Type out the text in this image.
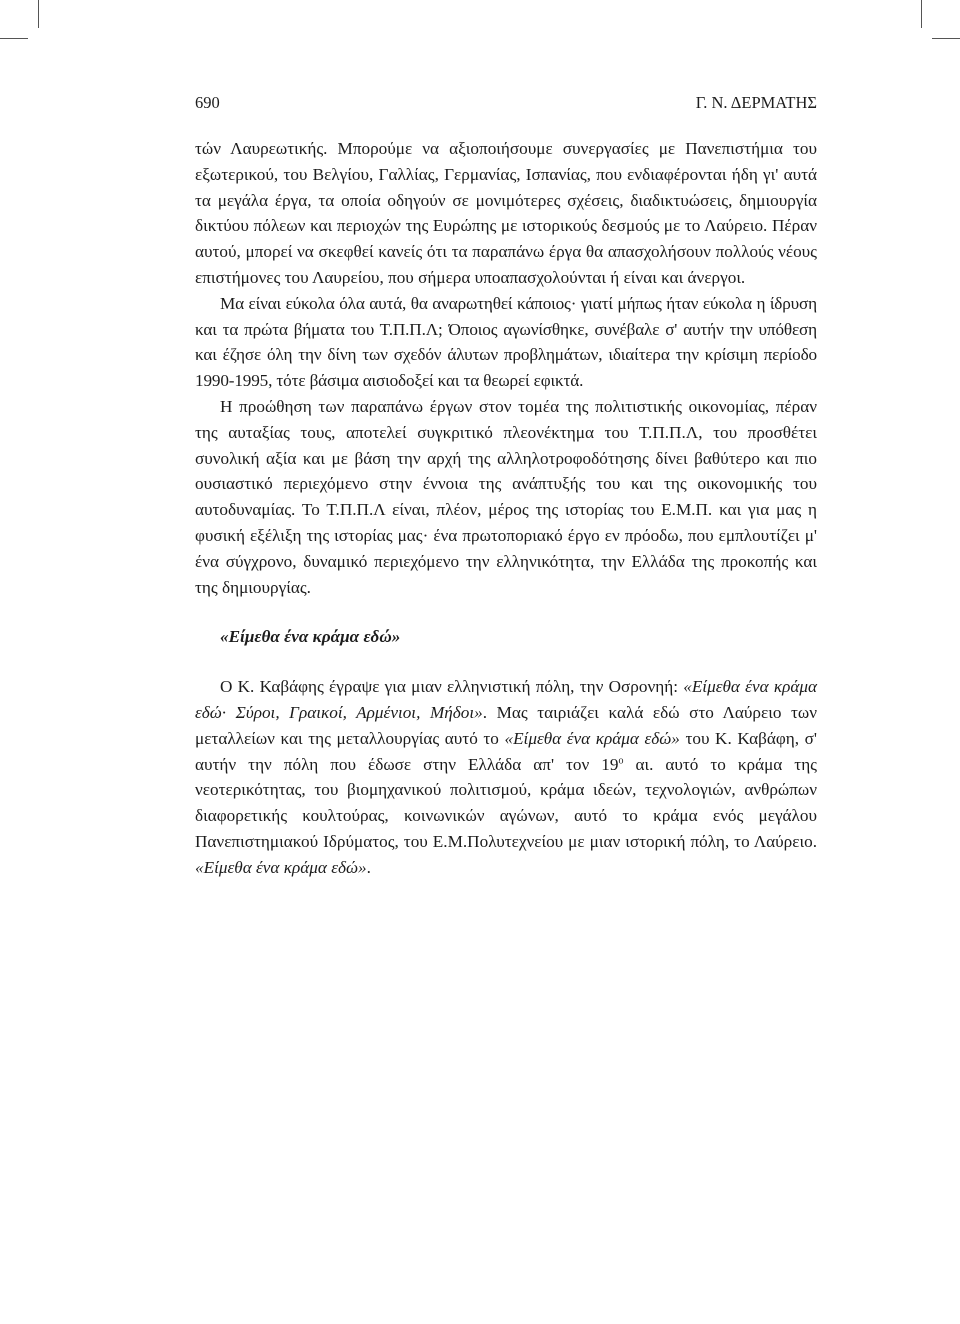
690	Γ. Ν. ΔΕΡΜΑΤΗΣ

τών Λαυρεωτικής. Μπορούμε να αξιοποιήσουμε συνεργασίες με Πανεπιστήμια του εξωτερικού, του Βελγίου, Γαλλίας, Γερμανίας, Ισπανίας, που ενδιαφέρονται ήδη γι' αυτά τα μεγάλα έργα, τα οποία οδηγούν σε μονιμότερες σχέσεις, διαδικτυώσεις, δημιουργία δικτύου πόλεων και περιοχών της Ευρώπης με ιστορικούς δεσμούς με το Λαύρειο. Πέραν αυτού, μπορεί να σκεφθεί κανείς ότι τα παραπάνω έργα θα απασχολήσουν πολλούς νέους επιστήμονες του Λαυρείου, που σήμερα υποαπασχολούνται ή είναι και άνεργοι.

Μα είναι εύκολα όλα αυτά, θα αναρωτηθεί κάποιος· γιατί μήπως ήταν εύκολα η ίδρυση και τα πρώτα βήματα του Τ.Π.Π.Λ; Όποιος αγωνίσθηκε, συνέβαλε σ' αυτήν την υπόθεση και έζησε όλη την δίνη των σχεδόν άλυτων προβλημάτων, ιδιαίτερα την κρίσιμη περίοδο 1990-1995, τότε βάσιμα αισιοδοξεί και τα θεωρεί εφικτά.

Η προώθηση των παραπάνω έργων στον τομέα της πολιτιστικής οικονομίας, πέραν της αυταξίας τους, αποτελεί συγκριτικό πλεονέκτημα του Τ.Π.Π.Λ, του προσθέτει συνολική αξία και με βάση την αρχή της αλληλοτροφοδότησης δίνει βαθύτερο και πιο ουσιαστικό περιεχόμενο στην έννοια της ανάπτυξής του και της οικονομικής του αυτοδυναμίας. Το Τ.Π.Π.Λ είναι, πλέον, μέρος της ιστορίας του Ε.Μ.Π. και για μας η φυσική εξέλιξη της ιστορίας μας· ένα πρωτοποριακό έργο εν πρόοδω, που εμπλουτίζει μ' ένα σύγχρονο, δυναμικό περιεχόμενο την ελληνικότητα, την Ελλάδα της προκοπής και της δημιουργίας.

«Είμεθα ένα κράμα εδώ»

Ο Κ. Καβάφης έγραψε για μιαν ελληνιστική πόλη, την Οσρονηή: «Είμεθα ένα κράμα εδώ· Σύροι, Γραικοί, Αρμένιοι, Μήδοι». Μας ταιριάζει καλά εδώ στο Λαύρειο των μεταλλείων και της μεταλλουργίας αυτό το «Είμεθα ένα κράμα εδώ» του Κ. Καβάφη, σ' αυτήν την πόλη που έδωσε στην Ελλάδα απ' τον $19^o$ αι. αυτό το κράμα της νεοτερικότητας, του βιομηχανικού πολιτισμού, κράμα ιδεών, τεχνολογιών, ανθρώπων διαφορετικής κουλτούρας, κοινωνικών αγώνων, αυτό το κράμα ενός μεγάλου Πανεπιστημιακού Ιδρύματος, του Ε.Μ.Πολυτεχνείου με μιαν ιστορική πόλη, το Λαύρειο. «Είμεθα ένα κράμα εδώ».
